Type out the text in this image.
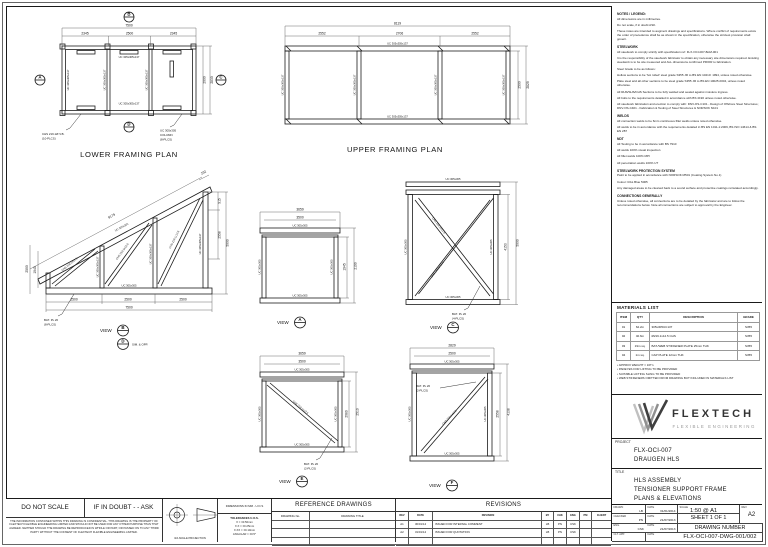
7500
2345	2500	2345
2000 2830
UC 305x305x137
UC 305x305x137
UC 305x305x137	UC 305x305x137	UC 305x305x137
B
D
A	C
CHS 219.1Ø V.B.
(10-PLCS)
UC 305x305
COLUMN
(8-PLCS)
LOWER FRAMING PLAN
8119
2552	2706	2552
2500 2829
UC 305x305x137
UC 305x305x137
UC 305x305x137	UC 305x305x137	UC 305x305x137	UC 305x305x137
UPPER FRAMING PLAN
9179
232
915
2558
5009
1945
2590
2500	2500	2500
7500
UC 305x305
UC 305x305
UC 305x305x137
UC 305x305x137	UC 305x305x137
CHS 219.1x12.5
CHS 219.1x12.5
CHS 219.1x12.5
BAT. PL 20
(8-PLCS)
VIEW
B
D
SIM. & OPP.
3659
3500
1945 2199
UC 305x305
UC 305x305
UC 305x305	UC 305x305
VIEW
A
4153
5009
UC 305x305
UC 305x305
UC 305x305	UC 305x305
CHS 219.1x12.5
CHS 219.1x12.5
BAT. PL 20
(4-PLCS)
VIEW
C
3659
3500
2089 2519
UC 305x305
UC 305x305
UC 305x305	UC 305x305
CHS 219.1x12.5
BAT. PL 20
(2-PLCS)
VIEW
E
2829
2500
2558 4138
UC 305x305
UC 305x305
UC 305x305	UC 305x305
CHS 219.1x12.5
BAT. PL 20
(2-PLCS)
VIEW
F
NOTES / LEGEND:

All dimensions are in millimetres.

Do not scale, if in doubt ASK.

These notes are intended to augment drawings and specifications. Where conflict of requirements exists the order of precedence shall be as shown in the specification, otherwise the strictest provision shall govern.

STEELWORK

All steelwork to comply strictly with specification ref: FLX-OCI-007-BoM-001

It is the responsibility of the steelwork fabricator to obtain any necessary site dimensions required. Existing steelwork is to be site measured and ALL dimensions confirmed PRIOR to fabrication.

Steel Grade to be as follows:

Hollow sections to be 'hot rolled' steel grade S355 JR to BS EN 10210: 1994, unless noted otherwise.

Plate steel and all other sections to be steel grade S355 JR to BS EN 10025:2004, unless noted otherwise.

All RHS/SHS/CHS Sections to be fully welded and sealed against moisture ingress.

All bolts to the requirements detailed in accordance with BS 4190 unless noted otherwise.

All steelwork fabrication and erection to comply with: DNV-OS-C101 - Design of Offshore Steel Structures; DNV-OS-C401 - Fabrication & Testing of Steel Structures & NORSOK N101

WELDS

All connection welds to be 6mm continuous fillet welds unless noted otherwise.

All welds to be in accordance with the requirements detailed in BS EN 1011-1:2009, BS ISO 14614 & BS EN 287

NDT

All Testing to be in accordance with BS 7910

All welds 100% visual inspection

All fillet welds 100% MPI

All penetration welds 100% UT

STEELWORK PROTECTION SYSTEM

Paint to be applied in accordance with NORSOK M501 (Coating System No.1)

Colour: RAL Blue 5005

Any damaged areas to be cleaned back to a sound surface and protective coatings reinstated accordingly.

CONNECTIONS GENERALLY

Unless noted otherwise, all connections are to be detailed by the fabricator and are to follow the recommendations below. Note all connections are subject to approval by the Engineer.

MATERIALS LIST
ITEM	QTY	DESCRIPTION	GRADE
01	62.2m	305x305UC137	S355
02	40.6m	Ø219.1x12.5 CHS	S355
03	19m sq.	BAT./WEB STIFFENER PLATE 25mm THK	S355
04	1m sq.	CAP PLATE 12mm THK	S355
• APPROX WEIGHT = 16Tn
• PADEYES FOR LIFTING TO BE PROVIDED
• SUITABLE LIFTING SLING TO BE PROVIDED
• WEB STIFFENERS OMITTED FROM DRAWING BUT INCLUDED IN MATERIALS LIST
FLEXTECH
FLEXIBLE ENGINEERING
PROJECT
FLX-OCI-007
DRAUGEN HLS
TITLE
HLS ASSEMBLY
TENSIONER SUPPORT FRAME
PLANS & ELEVATIONS
DRAWN
LB
DATE
31/01/2014
SCALE
1:50 @ A1
REV
A2
CHECKED
PN
DATE
21/07/2013	SHEET 1 OF 1
ENG.
CSK
DATE
21/07/2013	DRAWING NUMBER
CLT. APP.	DATE	FLX-OCI-007-DWG-001/002
DO NOT SCALE	IF IN DOUBT - - ASK
THE INFORMATION CONTAINED WITHIN THIS DRAWING IS CONFIDENTIAL. THIS DRAWING IS THE PROPERTY OF FLEXTECH FLEXIBLE ENGINEERING LIMITED AND SHOULD NOT BE USED FOR ANY OTHER PURPOSE THAN THAT AGREED. NEITHER SHOULD THE DRAWING BE REPRODUCED IN WHOLE OR PART, OR PASSED ON TO ANY THIRD PARTY WITHOUT THE CONSENT OF FLEXTECH FLEXIBLE ENGINEERING LIMITED.
3rd ANGLE PROJECTION
DIMENSIONS IN MM - U.O.S
TOLERANCES U.O.S.
X = ±0.50mm
X.X = ±0.25mm
X.XX = ±0.10mm
ANGULAR = ±0.5°
REFERENCE DRAWINGS
DRAWING No.	DRAWING TITLE
REVISIONS
REV	DATE	REVISION	BY	CHK	ENG	PM	CLIENT
A1	30/01/14	ISSUED FOR INTERNAL COMMENT	LB	PN	CSK
A2	31/01/14	ISSUED FOR QUOTATION	LB	PN	CSK
